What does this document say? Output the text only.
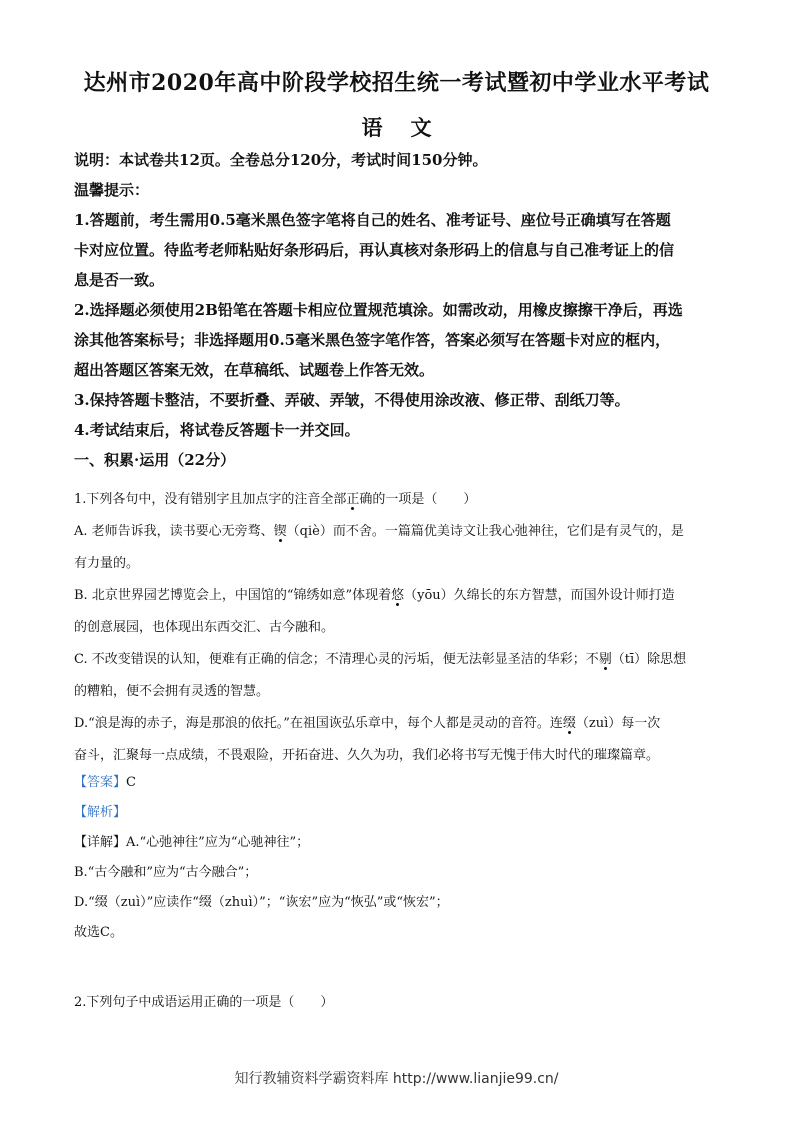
达州市2020年高中阶段学校招生统一考试暨初中学业水平考试
语 文
说明：本试卷共12页。全卷总分120分，考试时间150分钟。
温馨提示：
1.答题前，考生需用0.5毫米黑色签字笔将自己的姓名、准考证号、座位号正确填写在答题
卡对应位置。待监考老师粘贴好条形码后，再认真核对条形码上的信息与自己准考证上的信
息是否一致。
2.选择题必须使用2B铅笔在答题卡相应位置规范填涂。如需改动，用橡皮擦擦干净后，再选
涂其他答案标号；非选择题用0.5毫米黑色签字笔作答，答案必须写在答题卡对应的框内，
超出答题区答案无效，在草稿纸、试题卷上作答无效。
3.保持答题卡整洁，不要折叠、弄破、弄皱，不得使用涂改液、修正带、刮纸刀等。
4.考试结束后，将试卷反答题卡一并交回。
一、积累·运用（22分）
1.下列各句中，没有错别字且加点字的注音全部正确的一项是（　　）
A. 老师告诉我，读书要心无旁骛、锲（qiè）而不舍。一篇篇优美诗文让我心弛神往，它们是有灵气的，是
有力量的。
B. 北京世界园艺博览会上，中国馆的“锦绣如意”体现着悠（yōu）久绵长的东方智慧，而国外设计师打造
的创意展园，也体现出东西交汇、古今融和。
C. 不改变错误的认知，便难有正确的信念；不清理心灵的污垢，便无法彰显圣洁的华彩；不剔（tī）除思想
的糟粕，便不会拥有灵透的智慧。
D.“浪是海的赤子，海是那浪的依托。”在祖国诙弘乐章中，每个人都是灵动的音符。连缀（zuì）每一次
奋斗，汇聚每一点成绩，不畏艰险，开拓奋进、久久为功，我们必将书写无愧于伟大时代的璀璨篇章。
【答案】C
【解析】
【详解】A.“心弛神往”应为“心驰神往”；
B.“古今融和”应为“古今融合”；
D.“缀（zuì）”应读作“缀（zhuì）”；“诙宏”应为“恢弘”或“恢宏”；
故选C。
2.下列句子中成语运用正确的一项是（　　）
知行教辅资料学霸资料库 http://www.lianjie99.cn/
